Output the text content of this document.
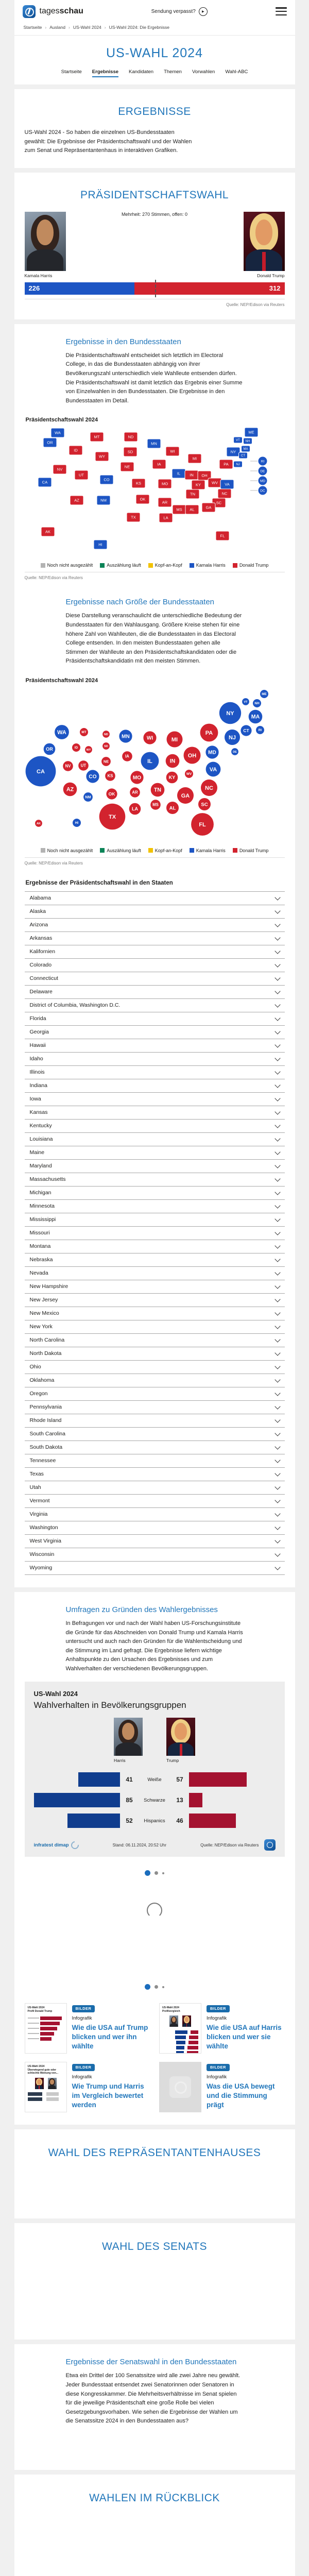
tagesschau	Sendung verpasst?	▶
Startseite › Ausland › US-Wahl 2024 › US-Wahl 2024: Die Ergebnisse
US-WAHL 2024
Startseite Ergebnisse Kandidaten Themen Vorwahlen Wahl-ABC
ERGEBNISSE

US-Wahl 2024 - So haben die einzelnen US-Bundesstaaten gewählt: Die Ergebnisse der Präsidentschaftswahl und der Wahlen zum Senat und Repräsentantenhaus in interaktiven Grafiken.

PRÄSIDENTSCHAFTSWAHL
Kamala Harris
Mehrheit: 270 Stimmen, offen: 0
Donald Trump
226	312
Quelle: NEP/Edison via Reuters
Ergebnisse in den Bundesstaaten

Die Präsidentschaftswahl entscheidet sich letztlich im Electoral College, in das die Bundesstaaten abhängig von ihrer Bevölkerungszahl unterschiedlich viele Wahlleute entsenden dürfen. Die Präsidentschaftswahl ist damit letztlich das Ergebnis einer Summe von Einzelwahlen in den Bundesstaaten. Die Ergebnisse in den Bundesstaaten im Detail.

Präsidentschaftswahl 2024
WA
OR
CA
NV
ID
MT
WY
UT
AZ
CO
NM
ND
SD
NE
KS
OK
TX
MN
IA
MO
AR
LA
WI
IL
MS
MI
IN
KY
TN
AL
OH
WV VA
NC
SC
GA
FL
AK
HI
PA
NY
ME
VT NH
MA
CT
NJ
RI
DE
MD
DC
Noch nicht ausgezählt	Auszählung läuft	Kopf-an-Kopf	Kamala Harris	Donald Trump
Quelle: NEP/Edison via Reuters
Ergebnisse nach Größe der Bundesstaaten

Diese Darstellung veranschaulicht die unterschiedliche Bedeutung der Bundesstaaten für den Wahlausgang. Größere Kreise stehen für eine höhere Zahl von Wahlleuten, die die Bundesstaaten in das Electoral College entsenden. In den meisten Bundesstaaten gehen alle Stimmen der Wahlleute an den Präsidentschaftskandidaten oder die Präsidentschaftskandidatin mit den meisten Stimmen.

Präsidentschaftswahl 2024
CA
TX
FL
NY
PA
IL
OH
GA
NC
MI	NJ
VA
WA
AZ
IN
MA
TN
CO
MD
MN
MO
WI
AL
SC
KY
LA
OR
CT
OK	AR
IA
KS
MS
NV UT
NE
NM
WV
HI
ID
ME
MT
NH
RI
AK
DE
ND
SD
VT
WY
Noch nicht ausgezählt	Auszählung läuft	Kopf-an-Kopf	Kamala Harris	Donald Trump
Quelle: NEP/Edison via Reuters
Ergebnisse der Präsidentschaftswahl in den Staaten
Alabama
Alaska
Arizona
Arkansas
Kalifornien
Colorado
Connecticut
Delaware
District of Columbia, Washington D.C.
Florida
Georgia
Hawaii
Idaho
Illinois
Indiana
Iowa
Kansas
Kentucky
Louisiana
Maine
Maryland
Massachusetts
Michigan
Minnesota
Mississippi
Missouri
Montana
Nebraska
Nevada
New Hampshire
New Jersey
New Mexico
New York
North Carolina
North Dakota
Ohio
Oklahoma
Oregon
Pennsylvania
Rhode Island
South Carolina
South Dakota
Tennessee
Texas
Utah
Vermont
Virginia
Washington
West Virginia
Wisconsin
Wyoming
Umfragen zu Gründen des Wahlergebnisses

In Befragungen vor und nach der Wahl haben US-Forschungsinstitute die Gründe für das Abschneiden von Donald Trump und Kamala Harris untersucht und auch nach den Gründen für die Wahlentscheidung und die Stimmung im Land gefragt. Die Ergebnisse liefern wichtige Anhaltspunkte zu den Ursachen des Ergebnisses und zum Wahlverhalten der verschiedenen Bevölkerungsgruppen.

US-Wahl 2024
Wahlverhalten in Bevölkerungsgruppen
Harris	Trump
41	Weiße	57
85	Schwarze	13
52	Hispanics	46
infratest dimap	Stand: 06.11.2024, 20:52 Uhr	Quelle: NEP/Edison via Reuters
US-Wahl 2024
Profil Donald Trump
BILDER
Infografik
Wie die USA auf Trump blicken und wer ihn wählte
US-Wahl 2024
Profilvergleich
BILDER
Infografik
Wie die USA auf Harris blicken und wer sie wählte
US-Wahl 2024
Überwiegend gute oder schlechte Meinung von...
BILDER
Infografik
Wie Trump und Harris im Vergleich bewertet werden
BILDER
Infografik
Was die USA bewegt und die Stimmung prägt
WAHL DES REPRÄSENTANTENHAUSES
WAHL DES SENATS
Ergebnisse der Senatswahl in den Bundesstaaten

Etwa ein Drittel der 100 Senatssitze wird alle zwei Jahre neu gewählt. Jeder Bundesstaat entsendet zwei Senatorinnen oder Senatoren in diese Kongresskammer. Die Mehrheitsverhältnisse im Senat spielen für die jeweilige Präsidentschaft eine große Rolle bei vielen Gesetzgebungsvorhaben. Wie sehen die Ergebnisse der Wahlen um die Senatssitze 2024 in den Bundesstaaten aus?

WAHLEN IM RÜCKBLICK
